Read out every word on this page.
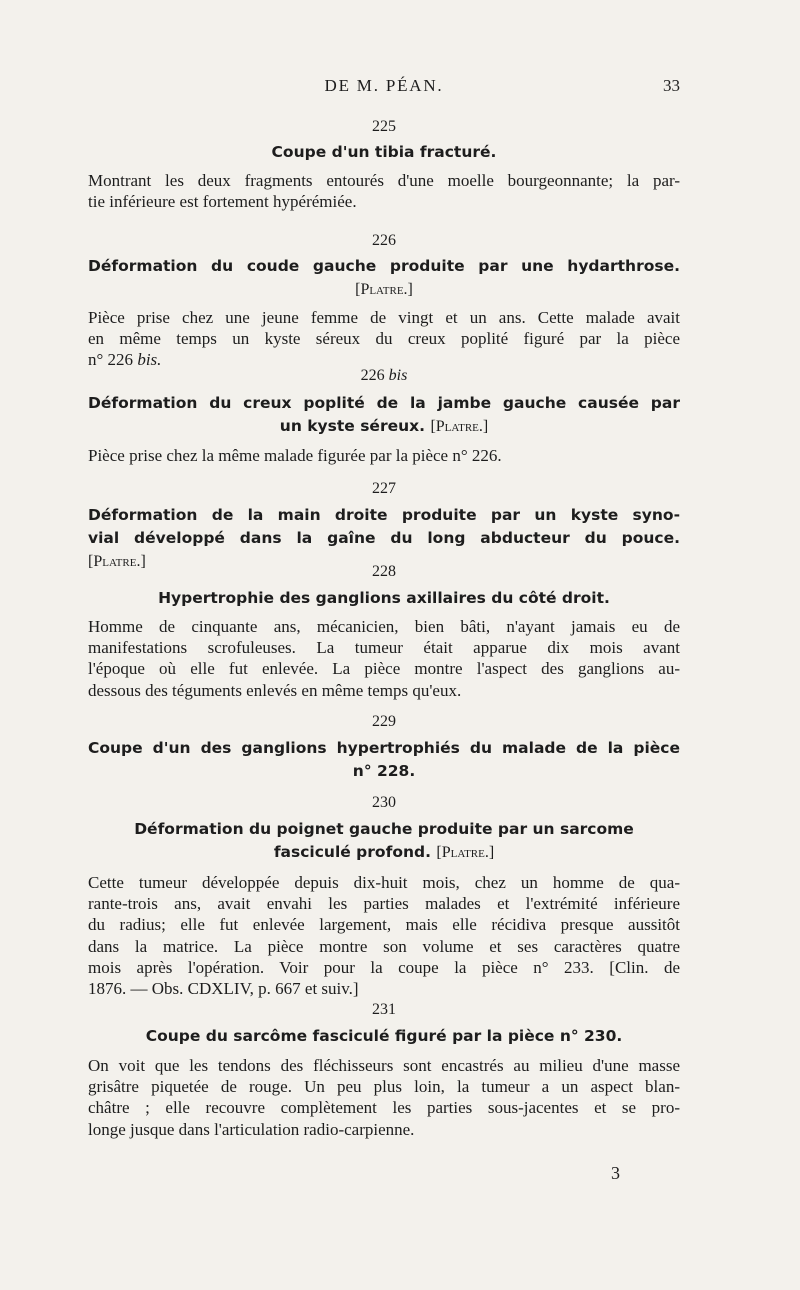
DE M. PÉAN.	33

225

Coupe d'un tibia fracturé.

Montrant les deux fragments entourés d'une moelle bourgeonnante; la par-
tie inférieure est fortement hypérémiée.

226

Déformation du coude gauche produite par une hydarthrose.
[Platre.]

Pièce prise chez une jeune femme de vingt et un ans. Cette malade avait
en même temps un kyste séreux du creux poplité figuré par la pièce
n° 226 bis.

226 bis

Déformation du creux poplité de la jambe gauche causée par
un kyste séreux. [Platre.]

Pièce prise chez la même malade figurée par la pièce n° 226.

227

Déformation de la main droite produite par un kyste syno-
vial développé dans la gaîne du long abducteur du pouce.
[Platre.]

228

Hypertrophie des ganglions axillaires du côté droit.

Homme de cinquante ans, mécanicien, bien bâti, n'ayant jamais eu de
manifestations scrofuleuses. La tumeur était apparue dix mois avant
l'époque où elle fut enlevée. La pièce montre l'aspect des ganglions au-
dessous des téguments enlevés en même temps qu'eux.

229

Coupe d'un des ganglions hypertrophiés du malade de la pièce
n° 228.

230

Déformation du poignet gauche produite par un sarcome
fasciculé profond. [Platre.]

Cette tumeur développée depuis dix-huit mois, chez un homme de qua-
rante-trois ans, avait envahi les parties malades et l'extrémité inférieure
du radius; elle fut enlevée largement, mais elle récidiva presque aussitôt
dans la matrice. La pièce montre son volume et ses caractères quatre
mois après l'opération. Voir pour la coupe la pièce n° 233. [Clin. de
1876. — Obs. CDXLIV, p. 667 et suiv.]

231

Coupe du sarcôme fasciculé figuré par la pièce n° 230.

On voit que les tendons des fléchisseurs sont encastrés au milieu d'une masse
grisâtre piquetée de rouge. Un peu plus loin, la tumeur a un aspect blan-
châtre ; elle recouvre complètement les parties sous-jacentes et se pro-
longe jusque dans l'articulation radio-carpienne.
3
